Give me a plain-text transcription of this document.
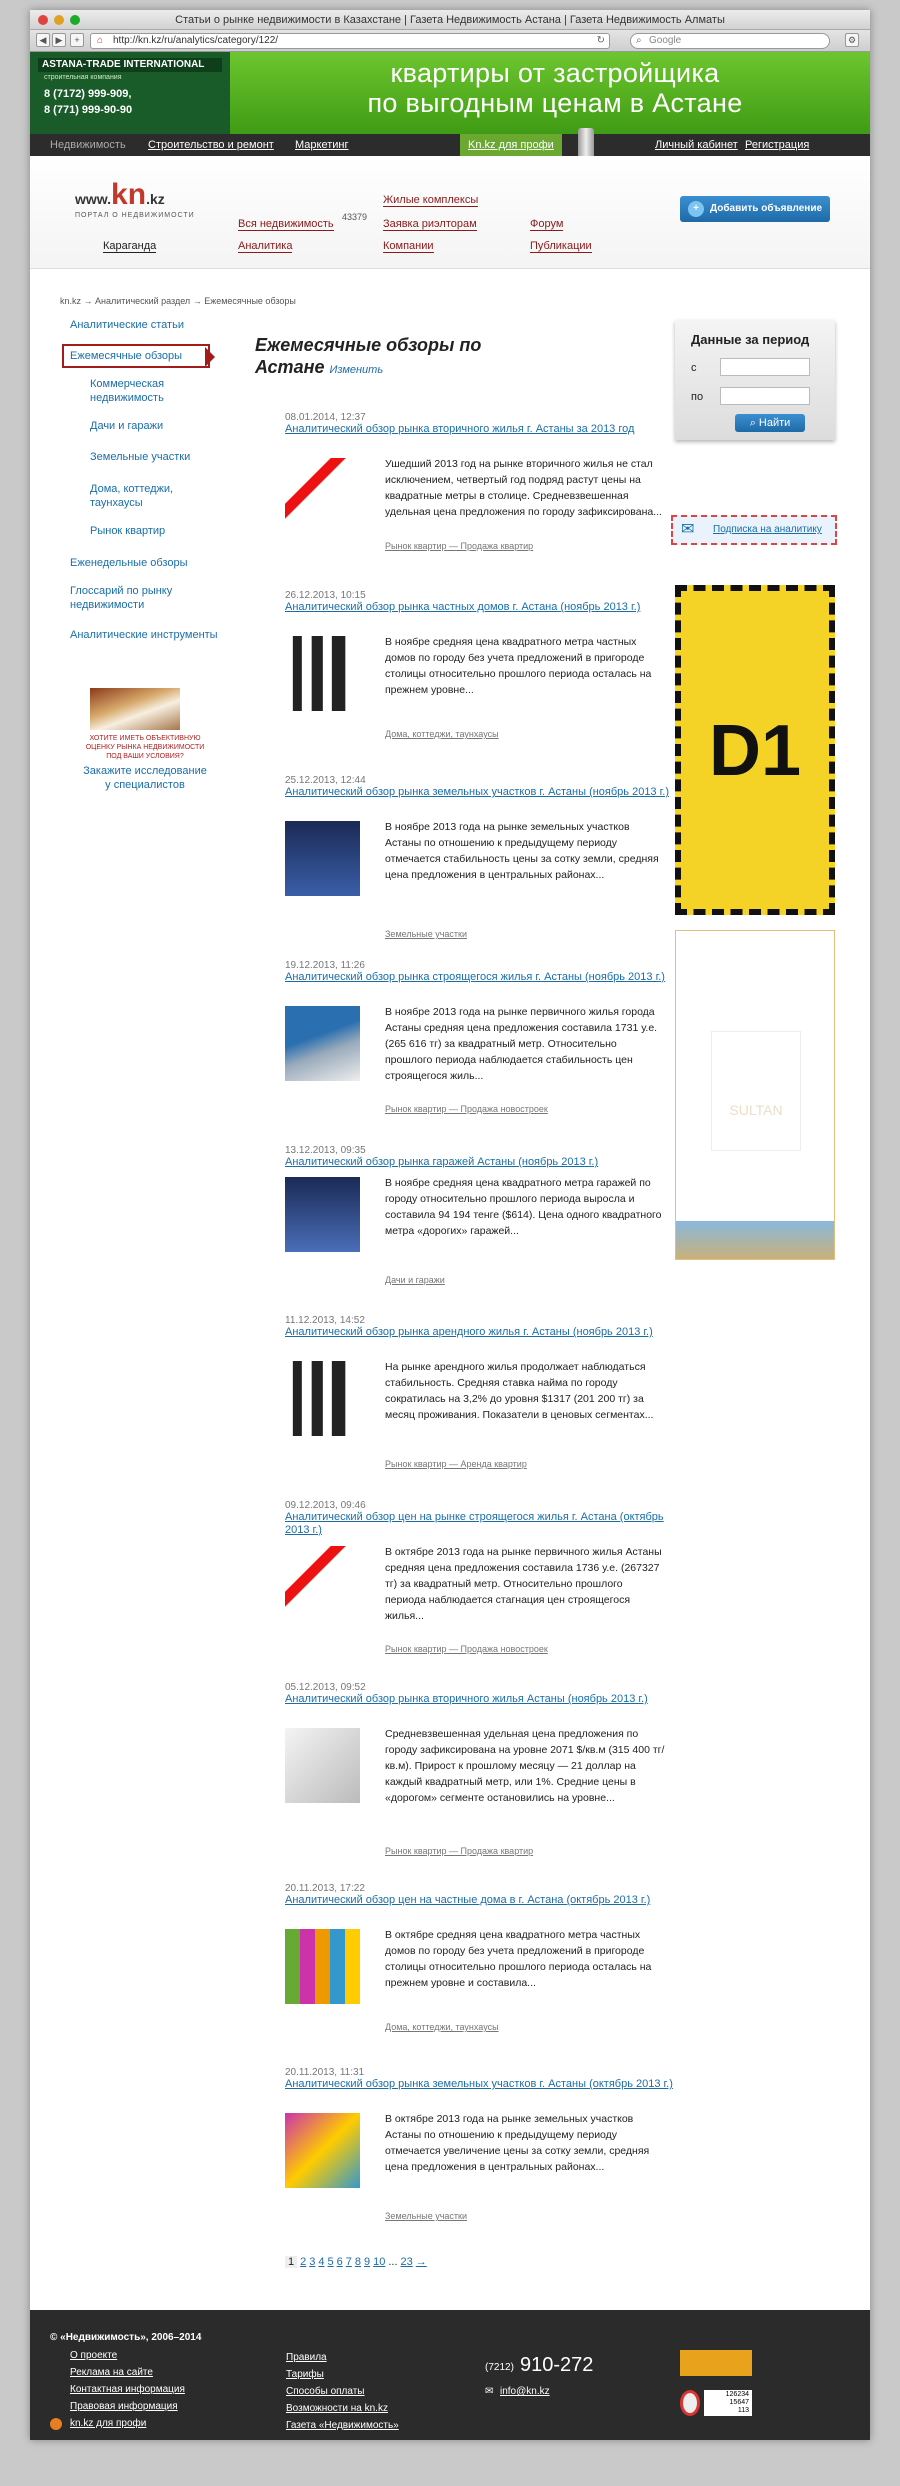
Статьи о рынке недвижимости в Казахстане | Газета Недвижимость Астана | Газета Недвижимость Алматы
◀	▶	+	⌂ http://kn.kz/ru/analytics/category/122/	↻	⌕ Google	⚙
ASTANA-TRADE INTERNATIONAL
строительная компания
8 (7172) 999-909,
8 (771) 999-90-90
квартиры от застройщика
по выгодным ценам в Астане
Недвижимость Строительство и ремонт Маркетинг	Kn.kz для профи	Личный кабинет Регистрация
www.kn.kz
ПОРТАЛ О НЕДВИЖИМОСТИ
Караганда
Вся недвижимость
43379
Аналитика
Жилые комплексы
Заявка риэлторам
Компании
Форум
Публикации
+	Добавить объявление
kn.kz → Аналитический раздел → Ежемесячные обзоры
Аналитические статьи
Ежемесячные обзоры
Коммерческая недвижимость
Дачи и гаражи
Земельные участки
Дома, коттеджи, таунхаусы
Рынок квартир
Еженедельные обзоры
Глоссарий по рынку недвижимости
Аналитические инструменты
ХОТИТЕ ИМЕТЬ ОБЪЕКТИВНУЮ ОЦЕНКУ РЫНКА НЕДВИЖИМОСТИ ПОД ВАШИ УСЛОВИЯ?
Закажите исследование у специалистов
Ежемесячные обзоры по Астане Изменить
08.01.2014, 12:37
Аналитический обзор рынка вторичного жилья г. Астаны за 2013 год
Ушедший 2013 год на рынке вторичного жилья не стал исключением, четвертый год подряд растут цены на квадратные метры в столице. Средневзвешенная удельная цена предложения по городу зафиксирована...
Рынок квартир — Продажа квартир
26.12.2013, 10:15
Аналитический обзор рынка частных домов г. Астана (ноябрь 2013 г.)
В ноябре средняя цена квадратного метра частных домов по городу без учета предложений в пригороде столицы относительно прошлого периода осталась на прежнем уровне...
Дома, коттеджи, таунхаусы
25.12.2013, 12:44
Аналитический обзор рынка земельных участков г. Астаны (ноябрь 2013 г.)
В ноябре 2013 года на рынке земельных участков Астаны по отношению к предыдущему периоду отмечается стабильность цены за сотку земли, средняя цена предложения в центральных районах...
Земельные участки
19.12.2013, 11:26
Аналитический обзор рынка строящегося жилья г. Астаны (ноябрь 2013 г.)
В ноябре 2013 года на рынке первичного жилья города Астаны средняя цена предложения составила 1731 у.е. (265 616 тг) за квадратный метр. Относительно прошлого периода наблюдается стабильность цен строящегося жиль...
Рынок квартир — Продажа новостроек
13.12.2013, 09:35
Аналитический обзор рынка гаражей Астаны (ноябрь 2013 г.)
В ноябре средняя цена квадратного метра гаражей по городу относительно прошлого периода выросла и составила 94 194 тенге ($614). Цена одного квадратного метра «дорогих» гаражей...
Дачи и гаражи
11.12.2013, 14:52
Аналитический обзор рынка арендного жилья г. Астаны (ноябрь 2013 г.)
На рынке арендного жилья продолжает наблюдаться стабильность. Средняя ставка найма по городу сократилась на 3,2% до уровня $1317 (201 200 тг) за месяц проживания. Показатели в ценовых сегментах...
Рынок квартир — Аренда квартир
09.12.2013, 09:46
Аналитический обзор цен на рынке строящегося жилья г. Астана (октябрь 2013 г.)
В октябре 2013 года на рынке первичного жилья Астаны средняя цена предложения составила 1736 у.е. (267327 тг) за квадратный метр. Относительно прошлого периода наблюдается стагнация цен строящегося жилья...
Рынок квартир — Продажа новостроек
05.12.2013, 09:52
Аналитический обзор рынка вторичного жилья Астаны (ноябрь 2013 г.)
Средневзвешенная удельная цена предложения по городу зафиксирована на уровне 2071 $/кв.м (315 400 тг/кв.м). Прирост к прошлому месяцу — 21 доллар на каждый квадратный метр, или 1%. Средние цены в «дорогом» сегменте остановились на уровне...
Рынок квартир — Продажа квартир
20.11.2013, 17:22
Аналитический обзор цен на частные дома в г. Астана (октябрь 2013 г.)
В октябре средняя цена квадратного метра частных домов по городу без учета предложений в пригороде столицы относительно прошлого периода осталась на прежнем уровне и составила...
Дома, коттеджи, таунхаусы
20.11.2013, 11:31
Аналитический обзор рынка земельных участков г. Астаны (октябрь 2013 г.)
В октябре 2013 года на рынке земельных участков Астаны по отношению к предыдущему периоду отмечается увеличение цены за сотку земли, средняя цена предложения в центральных районах...
Земельные участки
1 2 3 4 5 6 7 8 9 10 ... 23 →
Данные за период
с
по
⌕ Найти
✉ Подписка на аналитику
D1
SULTAN
© «Недвижимость», 2006–2014
О проекте
Реклама на сайте
Контактная информация
Правовая информация
kn.kz для профи
Правила
Тарифы
Способы оплаты
Возможности на kn.kz
Газета «Недвижимость»
(7212) 910-272
✉ info@kn.kz	126234
15647
113
